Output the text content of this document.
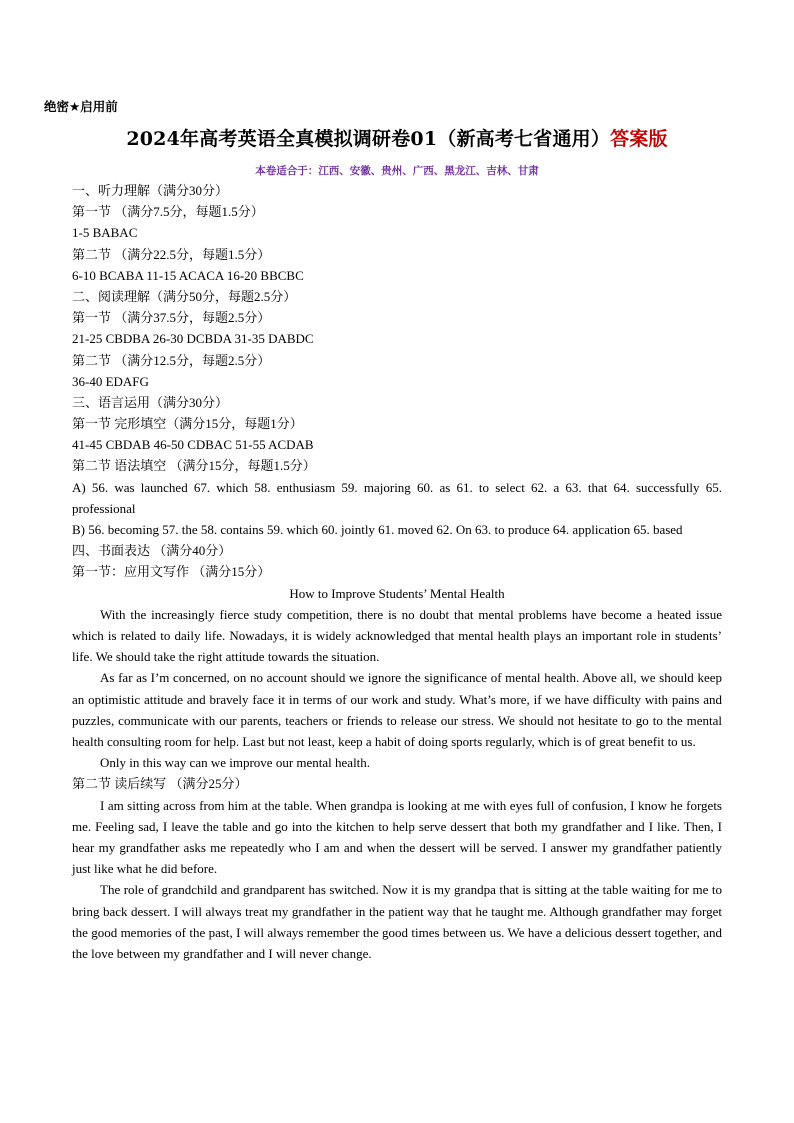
绝密★启用前
2024年高考英语全真模拟调研卷01（新高考七省通用）答案版
本卷适合于：江西、安徽、贵州、广西、黑龙江、吉林、甘肃
一、听力理解（满分30分）
第一节 （满分7.5分，每题1.5分）
1-5 BABAC
第二节 （满分22.5分，每题1.5分）
6-10 BCABA 11-15 ACACA 16-20 BBCBC
二、阅读理解（满分50分，每题2.5分）
第一节 （满分37.5分，每题2.5分）
21-25 CBDBA 26-30 DCBDA 31-35 DABDC
第二节 （满分12.5分，每题2.5分）
36-40 EDAFG
三、语言运用（满分30分）
第一节 完形填空（满分15分，每题1分）
41-45 CBDAB 46-50 CDBAC 51-55 ACDAB
第二节 语法填空 （满分15分，每题1.5分）
A) 56. was launched 67. which 58. enthusiasm 59. majoring 60. as 61. to select 62. a 63. that 64. successfully 65. professional
B) 56. becoming 57. the 58. contains 59. which 60. jointly 61. moved 62. On 63. to produce 64. application 65. based
四、书面表达 （满分40分）
第一节：应用文写作 （满分15分）
How to Improve Students’ Mental Health
With the increasingly fierce study competition, there is no doubt that mental problems have become a heated issue which is related to daily life. Nowadays, it is widely acknowledged that mental health plays an important role in students’ life. We should take the right attitude towards the situation.
As far as I’m concerned, on no account should we ignore the significance of mental health. Above all, we should keep an optimistic attitude and bravely face it in terms of our work and study. What’s more, if we have difficulty with pains and puzzles, communicate with our parents, teachers or friends to release our stress. We should not hesitate to go to the mental health consulting room for help. Last but not least, keep a habit of doing sports regularly, which is of great benefit to us.
Only in this way can we improve our mental health.
第二节 读后续写 （满分25分）
I am sitting across from him at the table. When grandpa is looking at me with eyes full of confusion, I know he forgets me. Feeling sad, I leave the table and go into the kitchen to help serve dessert that both my grandfather and I like. Then, I hear my grandfather asks me repeatedly who I am and when the dessert will be served. I answer my grandfather patiently just like what he did before.
The role of grandchild and grandparent has switched. Now it is my grandpa that is sitting at the table waiting for me to bring back dessert. I will always treat my grandfather in the patient way that he taught me. Although grandfather may forget the good memories of the past, I will always remember the good times between us. We have a delicious dessert together, and the love between my grandfather and I will never change.
